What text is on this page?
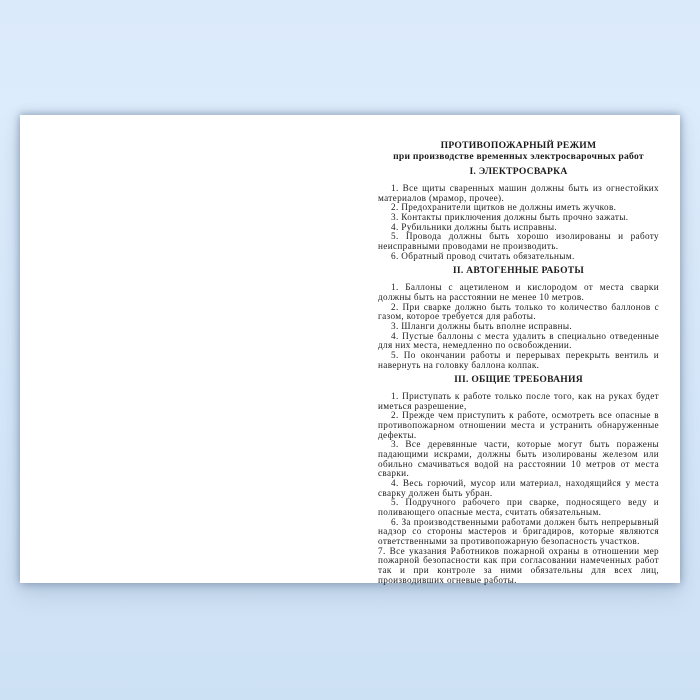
ПРОТИВОПОЖАРНЫЙ РЕЖИМ
при производстве временных электросварочных работ
I. ЭЛЕКТРОСВАРКА

1. Все щиты сваренных машин должны быть из огнестойких материалов (мрамор, прочее).

2. Предохранители щитков не должны иметь жучков.

3. Контакты приключения должны быть прочно зажаты.

4. Рубильники должны быть исправны.

5. Провода должны быть хорошо изолированы и работу неисправными проводами не производить.

6. Обратный провод считать обязательным.

II. АВТОГЕННЫЕ РАБОТЫ

1. Баллоны с ацетиленом и кислородом от места сварки должны быть на расстоянии не менее 10 метров.

2. При сварке должно быть только то количество баллонов с газом, которое требуется для работы.

3. Шланги должны быть вполне исправны.

4. Пустые баллоны с места удалить в специально отведенные для них места, немедленно по освобождении.

5. По окончании работы и перерывах перекрыть вентиль и навернуть на головку баллона колпак.

III. ОБЩИЕ ТРЕБОВАНИЯ

1. Приступать к работе только после того, как на руках будет иметься разрешение,

2. Прежде чем приступить к работе, осмотреть все опасные в противопожарном отношении места и устранить обнаруженные дефекты.

3. Все деревянные части, которые могут быть поражены падающими искрами, должны быть изолированы железом или обильно смачиваться водой на расстоянии 10 метров от места сварки.

4. Весь горючий, мусор или материал, находящийся у места сварку должен быть убран.

5. Подручного рабочего при сварке, подносящего веду и поливающего опасные места, считать обязательным.

6. За производственными работами должен быть непрерывный надзор со стороны мастеров и бригадиров, которые являются ответственными за противопожарную безопасность участков.

7. Все указания Работников пожарной охраны в отношении мер пожарной безопасности как при согласовании намеченных работ так и при контроле за ними обязательны для всех лиц, производивших огневые работы.
